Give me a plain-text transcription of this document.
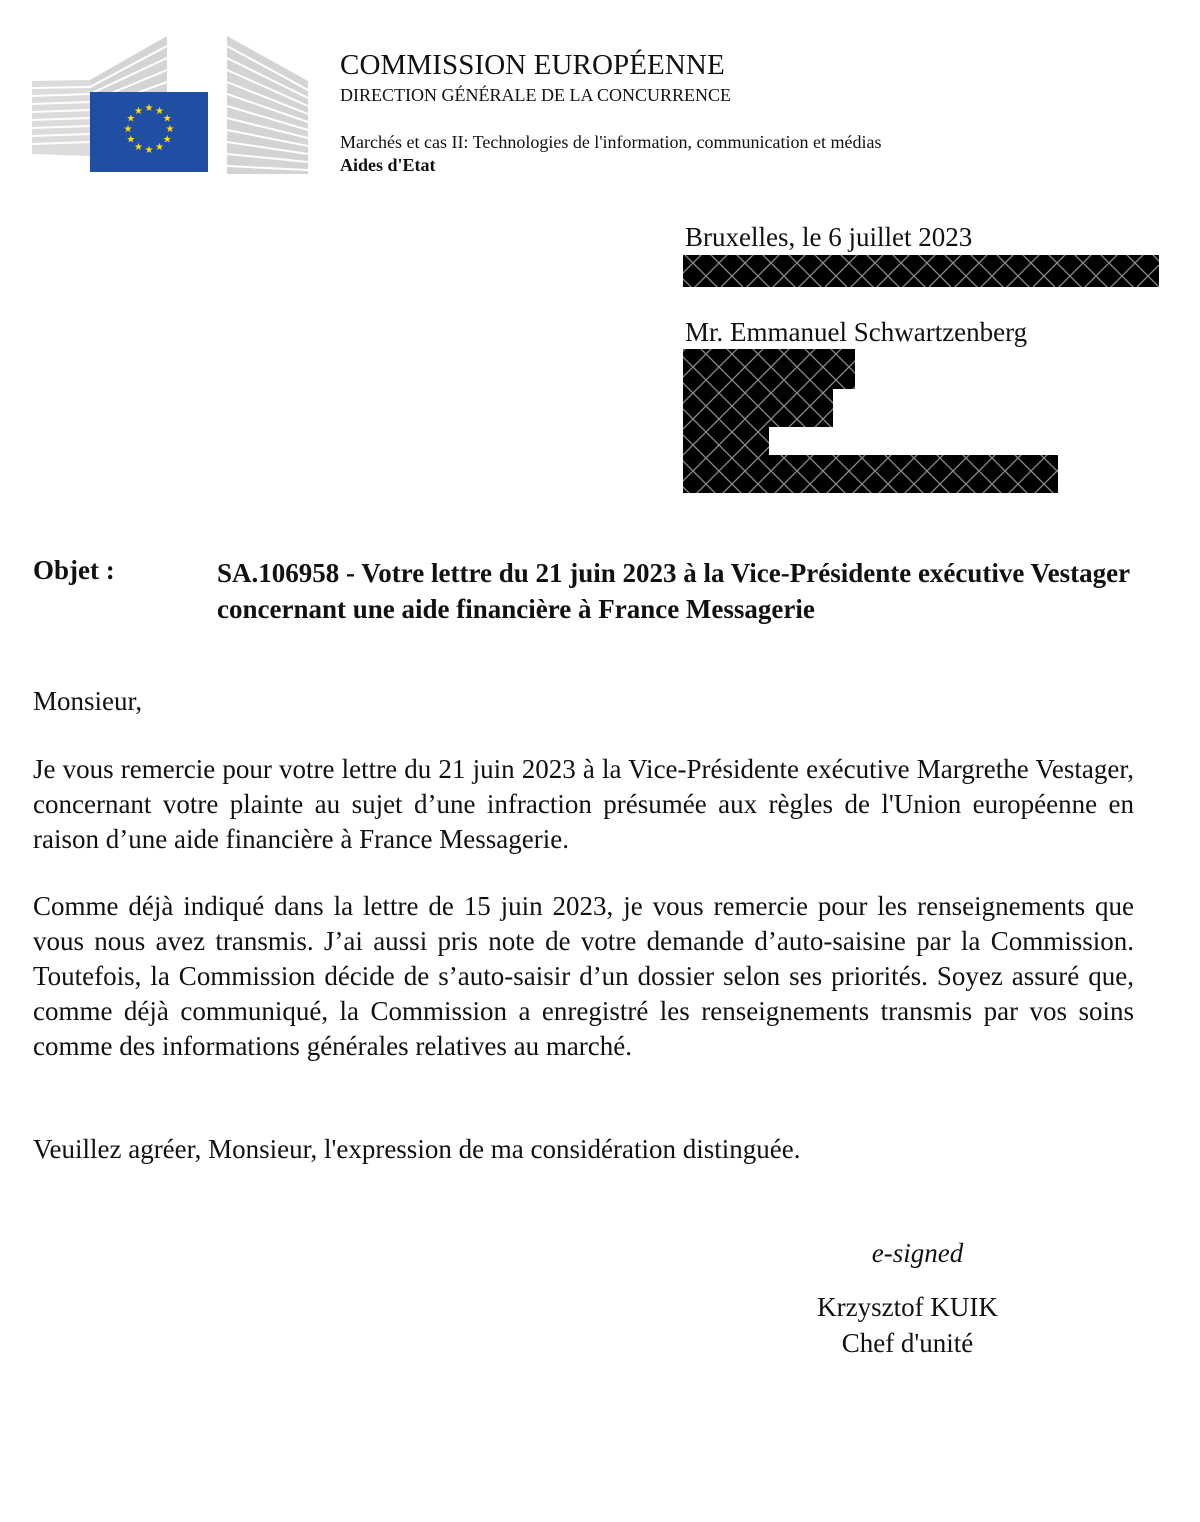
★ ★
★
★
★
★
★
★
★
★
★
★
COMMISSION EUROPÉENNE
DIRECTION GÉNÉRALE DE LA CONCURRENCE
Marchés et cas II: Technologies de l'information, communication et médias
Aides d'Etat
Bruxelles, le 6 juillet 2023
Mr. Emmanuel Schwartzenberg
Objet :	SA.106958 - Votre lettre du 21 juin 2023 à la Vice-Présidente exécutive Vestager concernant une aide financière à France Messagerie
Monsieur,
Je vous remercie pour votre lettre du 21 juin 2023 à la Vice-Présidente exécutive Margrethe Vestager, concernant votre plainte au sujet d’une infraction présumée aux règles de l'Union européenne en raison d’une aide financière à France Messagerie.
Comme déjà indiqué dans la lettre de 15 juin 2023, je vous remercie pour les renseignements que vous nous avez transmis. J’ai aussi pris note de votre demande d’auto-saisine par la Commission. Toutefois, la Commission décide de s’auto-saisir d’un dossier selon ses priorités. Soyez assuré que, comme déjà communiqué, la Commission a enregistré les renseignements transmis par vos soins comme des informations générales relatives au marché.
Veuillez agréer, Monsieur, l'expression de ma considération distinguée.
e-signed
Krzysztof KUIK
Chef d'unité
